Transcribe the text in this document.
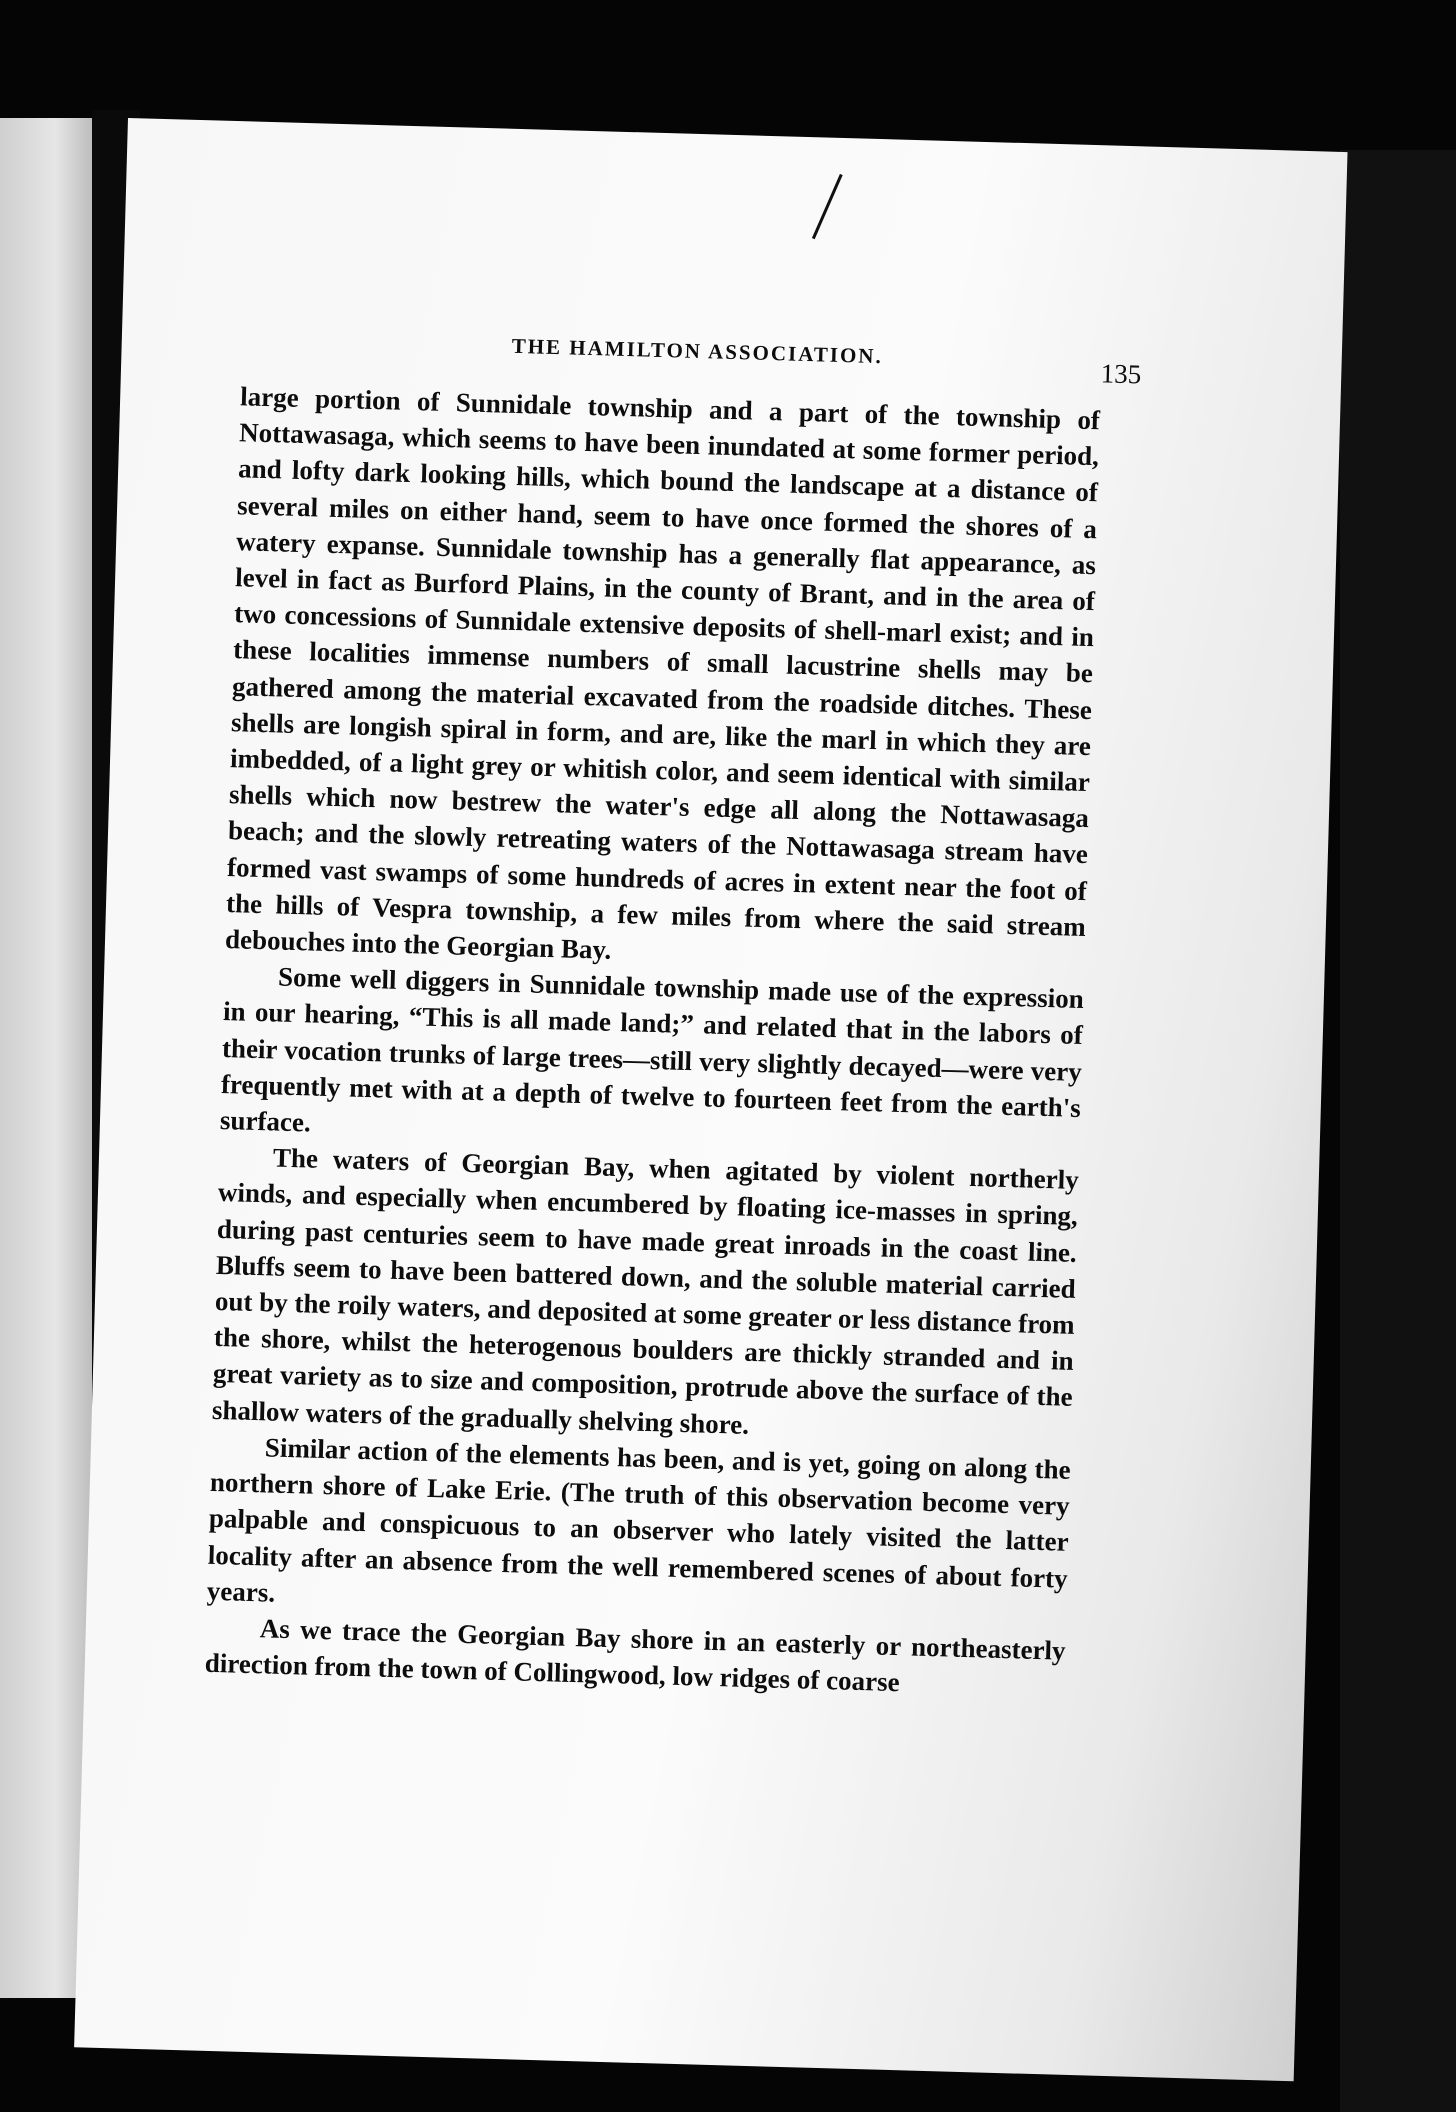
THE HAMILTON ASSOCIATION.
135

large portion of Sunnidale township and a part of the township of Nottawasaga, which seems to have been inundated at some former period, and lofty dark looking hills, which bound the landscape at a distance of several miles on either hand, seem to have once formed the shores of a watery expanse. Sunnidale township has a generally flat appearance, as level in fact as Burford Plains, in the county of Brant, and in the area of two concessions of Sunnidale extensive deposits of shell-marl exist; and in these localities immense numbers of small lacustrine shells may be gathered among the material excavated from the roadside ditches. These shells are longish spiral in form, and are, like the marl in which they are imbedded, of a light grey or whitish color, and seem identical with similar shells which now bestrew the water's edge all along the Nottawasaga beach; and the slowly retreating waters of the Nottawasaga stream have formed vast swamps of some hundreds of acres in extent near the foot of the hills of Vespra township, a few miles from where the said stream debouches into the Georgian Bay.

Some well diggers in Sunnidale township made use of the expression in our hearing, “This is all made land;” and related that in the labors of their vocation trunks of large trees—still very slightly decayed—were very frequently met with at a depth of twelve to fourteen feet from the earth's surface.

The waters of Georgian Bay, when agitated by violent northerly winds, and especially when encumbered by floating ice-masses in spring, during past centuries seem to have made great inroads in the coast line. Bluffs seem to have been battered down, and the soluble material carried out by the roily waters, and deposited at some greater or less distance from the shore, whilst the heterogenous boulders are thickly stranded and in great variety as to size and composition, protrude above the surface of the shallow waters of the gradually shelving shore.

Similar action of the elements has been, and is yet, going on along the northern shore of Lake Erie. (The truth of this observation become very palpable and conspicuous to an observer who lately visited the latter locality after an absence from the well remembered scenes of about forty years.

As we trace the Georgian Bay shore in an easterly or northeasterly direction from the town of Collingwood, low ridges of coarse
